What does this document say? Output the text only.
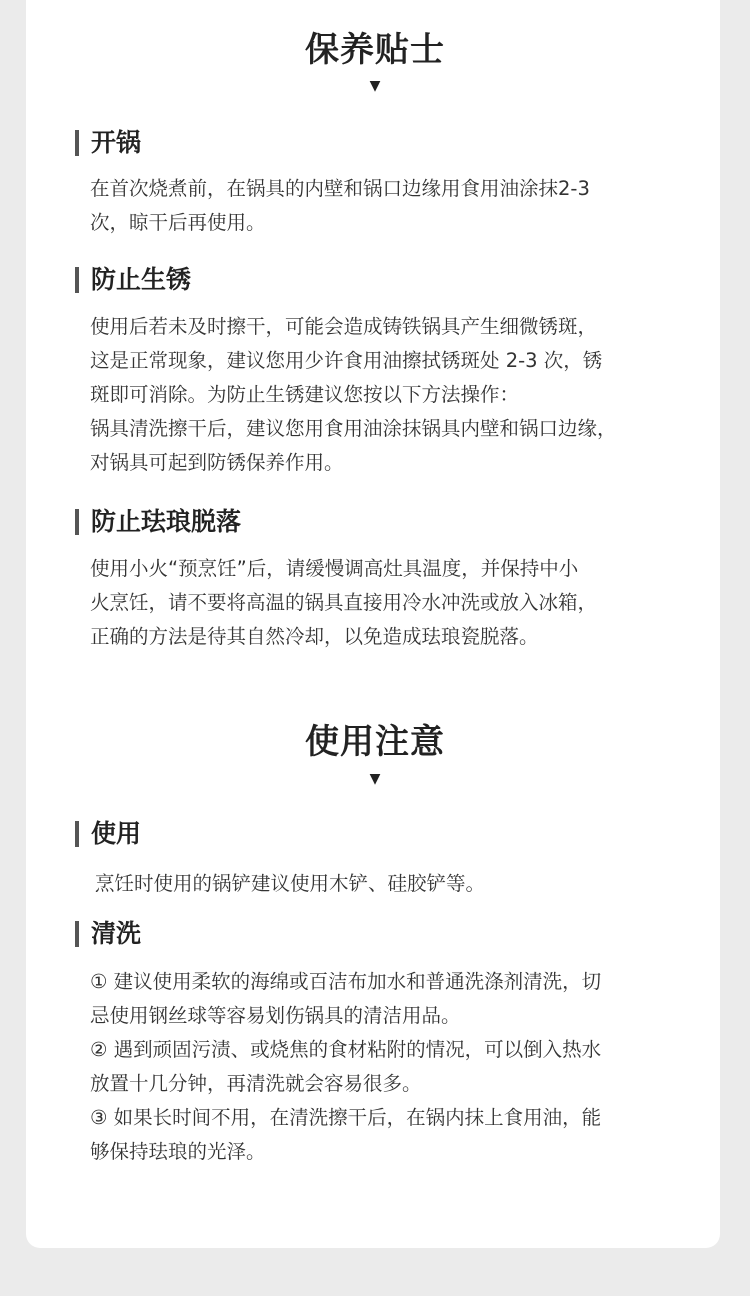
保养贴士
▼
开锅

在首次烧煮前，在锅具的内壁和锅口边缘用食用油涂抹2-3

次，晾干后再使用。

防止生锈

使用后若未及时擦干，可能会造成铸铁锅具产生细微锈斑，

这是正常现象，建议您用少许食用油擦拭锈斑处 2-3 次，锈

斑即可消除。为防止生锈建议您按以下方法操作：

锅具清洗擦干后，建议您用食用油涂抹锅具内壁和锅口边缘，

对锅具可起到防锈保养作用。

防止珐琅脱落

使用小火“预烹饪”后，请缓慢调高灶具温度，并保持中小

火烹饪，请不要将高温的锅具直接用冷水冲洗或放入冰箱，

正确的方法是待其自然冷却，以免造成珐琅瓷脱落。

使用注意
▼
使用

烹饪时使用的锅铲建议使用木铲、硅胶铲等。

清洗

① 建议使用柔软的海绵或百洁布加水和普通洗涤剂清洗，切

忌使用钢丝球等容易划伤锅具的清洁用品。

② 遇到顽固污渍、或烧焦的食材粘附的情况，可以倒入热水

放置十几分钟，再清洗就会容易很多。

③ 如果长时间不用，在清洗擦干后，在锅内抹上食用油，能

够保持珐琅的光泽。
